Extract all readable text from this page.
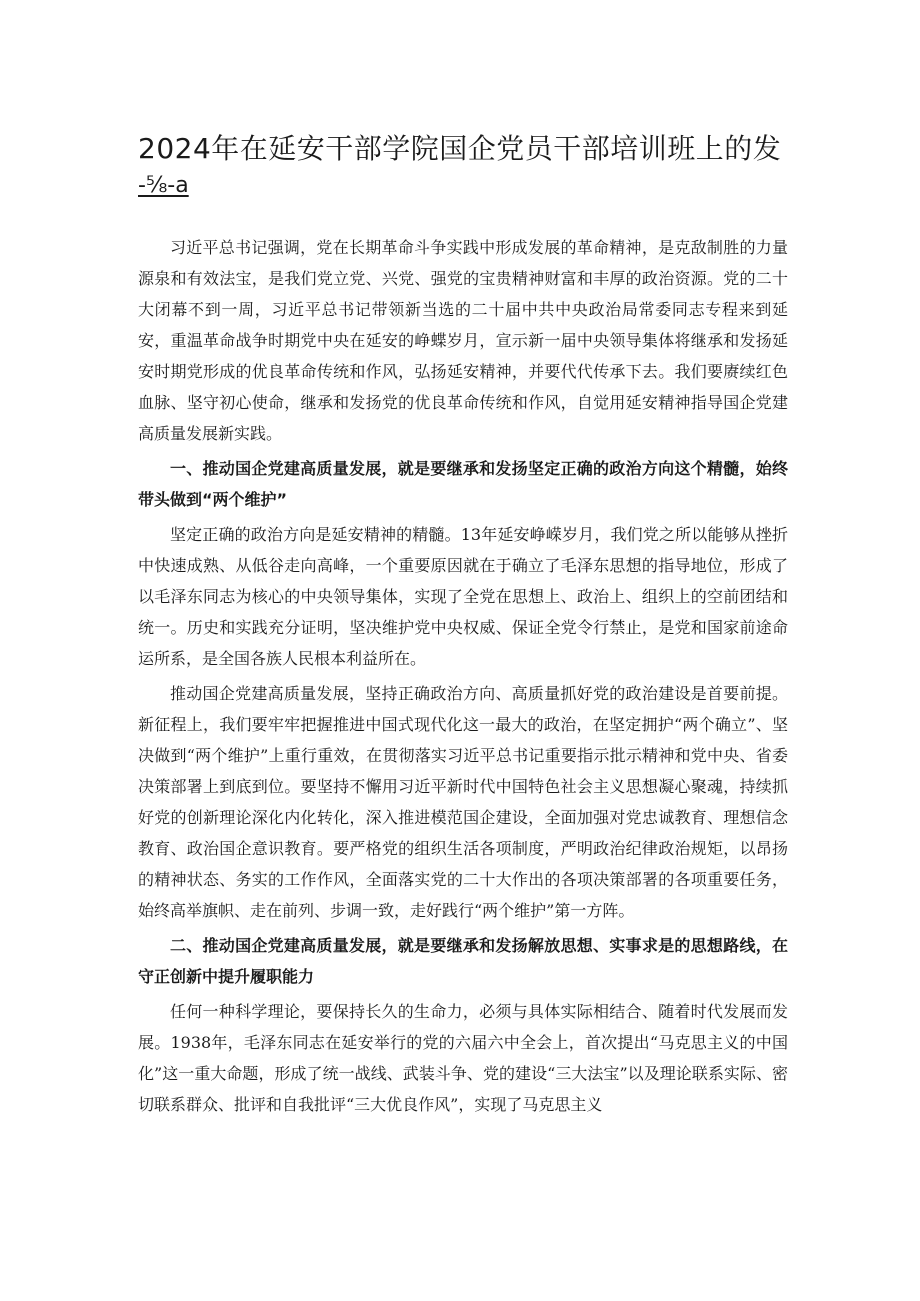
2024年在延安干部学院国企党员干部培训班上的发
-⅝-a

习近平总书记强调，党在长期革命斗争实践中形成发展的革命精神，是克敌制胜的力量源泉和有效法宝，是我们党立党、兴党、强党的宝贵精神财富和丰厚的政治资源。党的二十大闭幕不到一周，习近平总书记带领新当选的二十届中共中央政治局常委同志专程来到延安，重温革命战争时期党中央在延安的峥蝶岁月，宣示新一届中央领导集体将继承和发扬延安时期党形成的优良革命传统和作风，弘扬延安精神，并要代代传承下去。我们要赓续红色血脉、坚守初心使命，继承和发扬党的优良革命传统和作风，自觉用延安精神指导国企党建高质量发展新实践。

一、推动国企党建高质量发展，就是要继承和发扬坚定正确的政治方向这个精髓，始终带头做到“两个维护”

坚定正确的政治方向是延安精神的精髓。13年延安峥嵘岁月，我们党之所以能够从挫折中快速成熟、从低谷走向高峰，一个重要原因就在于确立了毛泽东思想的指导地位，形成了以毛泽东同志为核心的中央领导集体，实现了全党在思想上、政治上、组织上的空前团结和统一。历史和实践充分证明，坚决维护党中央权威、保证全党令行禁止，是党和国家前途命运所系，是全国各族人民根本利益所在。

推动国企党建高质量发展，坚持正确政治方向、高质量抓好党的政治建设是首要前提。新征程上，我们要牢牢把握推进中国式现代化这一最大的政治，在坚定拥护“两个确立”、坚决做到“两个维护”上重行重效，在贯彻落实习近平总书记重要指示批示精神和党中央、省委决策部署上到底到位。要坚持不懈用习近平新时代中国特色社会主义思想凝心聚魂，持续抓好党的创新理论深化内化转化，深入推进模范国企建设，全面加强对党忠诚教育、理想信念教育、政治国企意识教育。要严格党的组织生活各项制度，严明政治纪律政治规矩，以昂扬的精神状态、务实的工作作风，全面落实党的二十大作出的各项决策部署的各项重要任务，始终高举旗帜、走在前列、步调一致，走好践行“两个维护”第一方阵。

二、推动国企党建高质量发展，就是要继承和发扬解放思想、实事求是的思想路线，在守正创新中提升履职能力

任何一种科学理论，要保持长久的生命力，必须与具体实际相结合、随着时代发展而发展。1938年，毛泽东同志在延安举行的党的六届六中全会上，首次提出“马克思主义的中国化”这一重大命题，形成了统一战线、武装斗争、党的建设“三大法宝”以及理论联系实际、密切联系群众、批评和自我批评“三大优良作风”，实现了马克思主义
